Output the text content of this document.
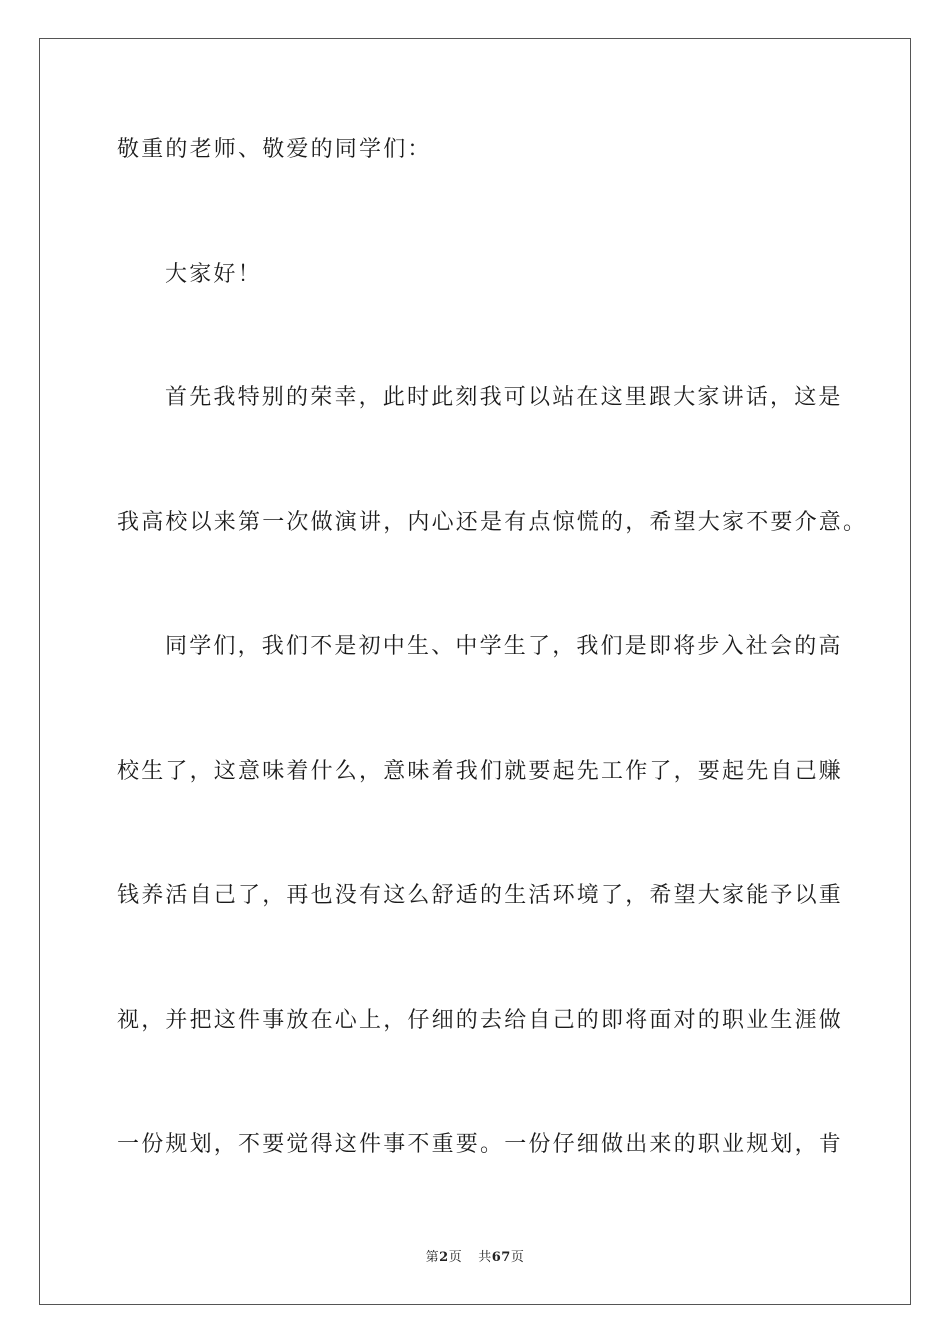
敬重的老师、敬爱的同学们：
大家好！
首先我特别的荣幸，此时此刻我可以站在这里跟大家讲话，这是
我高校以来第一次做演讲，内心还是有点惊慌的，希望大家不要介意。
同学们，我们不是初中生、中学生了，我们是即将步入社会的高
校生了，这意味着什么，意味着我们就要起先工作了，要起先自己赚
钱养活自己了，再也没有这么舒适的生活环境了，希望大家能予以重
视，并把这件事放在心上，仔细的去给自己的即将面对的职业生涯做
一份规划，不要觉得这件事不重要。一份仔细做出来的职业规划，肯
第2页 共67页
